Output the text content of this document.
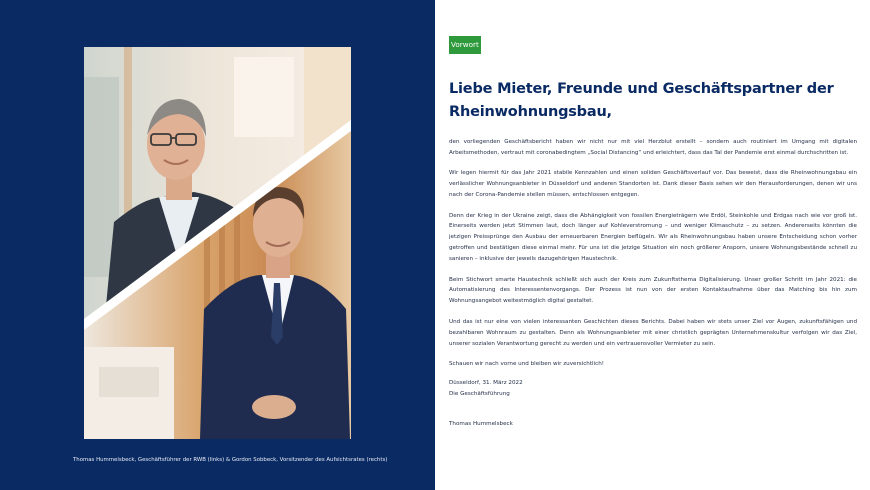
Thomas Hummelsbeck, Geschäftsführer der RWB (links) & Gordon Sobbeck, Vorsitzender des Aufsichtsrates (rechts)
Vorwort
Liebe Mieter, Freunde und Geschäftspartner der Rheinwohnungsbau,

den vorliegenden Geschäftsbericht haben wir nicht nur mit viel Herzblut erstellt – sondern auch routiniert im Umgang mit digitalen Arbeitsmethoden, vertraut mit coronabedingtem „Social Distancing“ und erleichtert, dass das Tal der Pandemie erst einmal durchschritten ist.

Wir legen hiermit für das Jahr 2021 stabile Kennzahlen und einen soliden Geschäftsverlauf vor. Das beweist, dass die Rheinwohnungsbau ein verlässlicher Wohnungsanbieter in Düsseldorf und anderen Standorten ist. Dank dieser Basis sehen wir den Herausforderungen, denen wir uns nach der Corona-Pandemie stellen müssen, entschlossen entgegen.

Denn der Krieg in der Ukraine zeigt, dass die Abhängigkeit von fossilen Energieträgern wie Erdöl, Steinkohle und Erdgas nach wie vor groß ist. Einerseits werden jetzt Stimmen laut, doch länger auf Kohleverstromung – und weniger Klimaschutz – zu setzen. Andererseits könnten die jetzigen Preissprünge den Ausbau der erneuerbaren Energien beflügeln. Wir als Rheinwohnungsbau haben unsere Entscheidung schon vorher getroffen und bestätigen diese einmal mehr. Für uns ist die jetzige Situation ein noch größerer Ansporn, unsere Wohnungsbestände schnell zu sanieren – inklusive der jeweils dazugehörigen Haustechnik.

Beim Stichwort smarte Haustechnik schließt sich auch der Kreis zum Zukunftsthema Digitalisierung. Unser großer Schritt im Jahr 2021: die Automatisierung des Interessentenvorgangs. Der Prozess ist nun von der ersten Kontaktaufnahme über das Matching bis hin zum Wohnungsangebot weitestmöglich digital gestaltet.

Und das ist nur eine von vielen interessanten Geschichten dieses Berichts. Dabei haben wir stets unser Ziel vor Augen, zukunftsfähigen und bezahlbaren Wohnraum zu gestalten. Denn als Wohnungsanbieter mit einer christlich geprägten Unternehmenskultur verfolgen wir das Ziel, unserer sozialen Verantwortung gerecht zu werden und ein vertrauensvoller Vermieter zu sein.

Schauen wir nach vorne und bleiben wir zuversichtlich!

Düsseldorf, 31. März 2022
Die Geschäftsführung
Thomas Hummelsbeck
